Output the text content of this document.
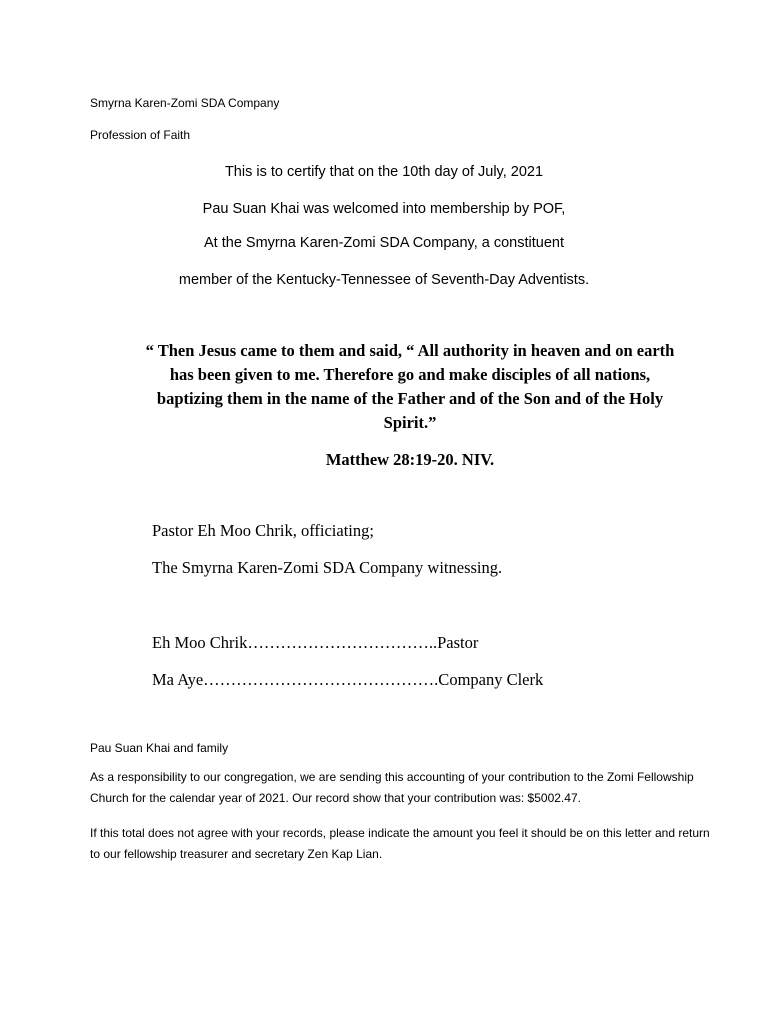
Smyrna Karen-Zomi SDA Company
Profession of Faith
This is to certify that on the 10th day of July, 2021
Pau Suan Khai was welcomed into membership by POF,
At the Smyrna Karen-Zomi SDA Company, a constituent
member of the Kentucky-Tennessee of Seventh-Day Adventists.
“ Then Jesus came to them and said, “ All authority in heaven and on earth has been given to me. Therefore go and make disciples of all nations, baptizing them in the name of the Father and of the Son and of the Holy Spirit.”
Matthew 28:19-20. NIV.
Pastor Eh Moo Chrik, officiating;
The Smyrna Karen-Zomi SDA Company witnessing.
Eh Moo Chrik……………………………..Pastor
Ma Aye…………………………………….Company Clerk
Pau Suan Khai and family
As a responsibility to our congregation, we are sending this accounting of your contribution to the Zomi Fellowship Church for the calendar year of 2021. Our record show that your contribution was: $5002.47.
If this total does not agree with your records, please indicate the amount you feel it should be on this letter and return to our fellowship treasurer and secretary Zen Kap Lian.
